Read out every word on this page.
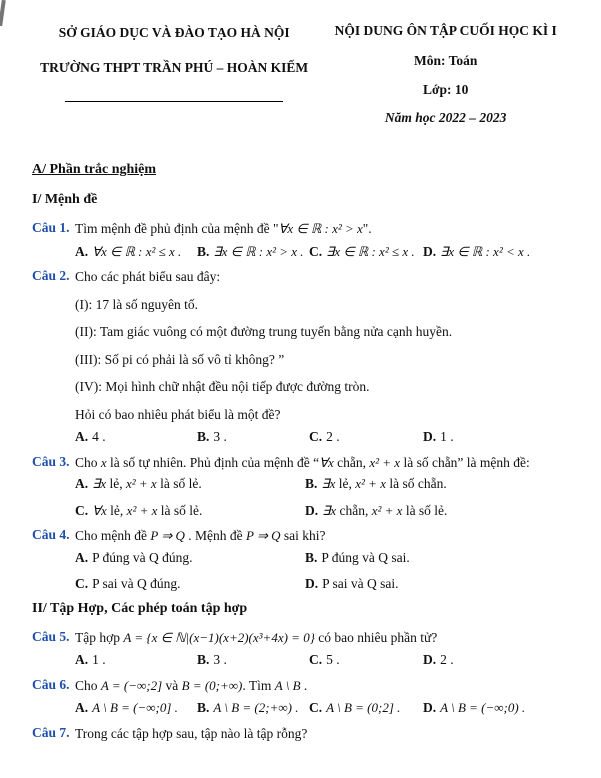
SỞ GIÁO DỤC VÀ ĐÀO TẠO HÀ NỘI
TRƯỜNG THPT TRẦN PHÚ – HOÀN KIẾM
NỘI DUNG ÔN TẬP CUỐI HỌC KÌ I
Môn: Toán
Lớp: 10
Năm học 2022 – 2023
A/ Phần trắc nghiệm
I/ Mệnh đề
Câu 1. Tìm mệnh đề phủ định của mệnh đề "∀x ∈ ℝ : x² > x".
A. ∀x ∈ ℝ : x² ≤ x .	B. ∃x ∈ ℝ : x² > x . C. ∃x ∈ ℝ : x² ≤ x . D. ∃x ∈ ℝ : x² < x .
Câu 2. Cho các phát biểu sau đây:
(I): 17 là số nguyên tố.
(II): Tam giác vuông có một đường trung tuyến bằng nửa cạnh huyền.
(III): Số pi có phải là số vô tỉ không? ”
(IV): Mọi hình chữ nhật đều nội tiếp được đường tròn.
Hỏi có bao nhiêu phát biểu là một đề?
A. 4 .	B. 3 .	C. 2 .	D. 1 .
Câu 3. Cho x là số tự nhiên. Phủ định của mệnh đề “∀x chẵn, x² + x là số chẵn” là mệnh đề:
A. ∃x lẻ, x² + x là số lẻ.	B. ∃x lẻ, x² + x là số chẵn.
C. ∀x lẻ, x² + x là số lẻ.	D. ∃x chẵn, x² + x là số lẻ.
Câu 4. Cho mệnh đề P ⇒ Q . Mệnh đề P ⇒ Q sai khi?
A. P đúng và Q đúng.	B. P đúng và Q sai.
C. P sai và Q đúng.	D. P sai và Q sai.
II/ Tập Hợp, Các phép toán tập hợp
Câu 5. Tập hợp A = {x ∈ ℕ|(x−1)(x+2)(x³+4x) = 0} có bao nhiêu phần tử?
A. 1 .	B. 3 .	C. 5 .	D. 2 .
Câu 6. Cho A = (−∞;2] và B = (0;+∞). Tìm A \ B .
A. A \ B = (−∞;0] .	B. A \ B = (2;+∞) . C. A \ B = (0;2] .	D. A \ B = (−∞;0) .
Câu 7. Trong các tập hợp sau, tập nào là tập rỗng?
